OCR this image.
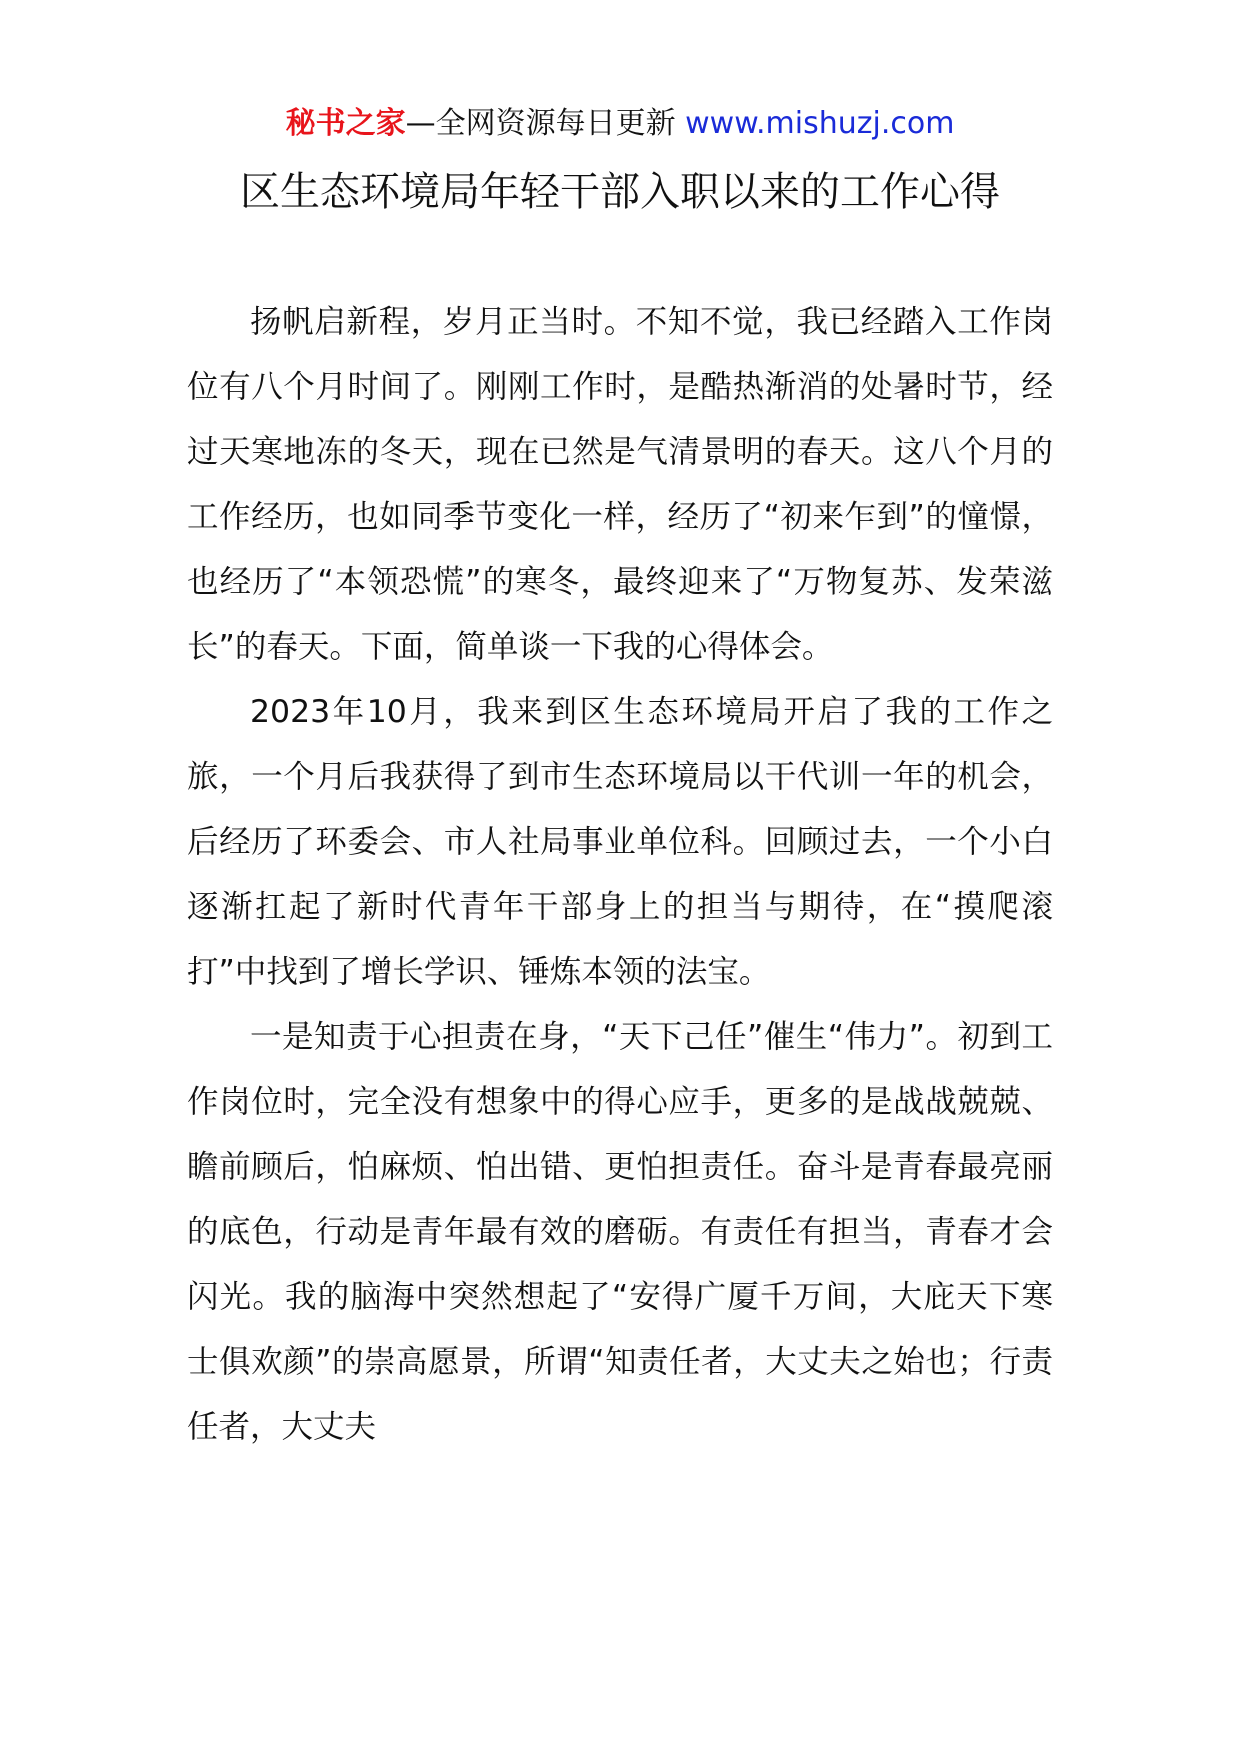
秘书之家—全网资源每日更新 www.mishuzj.com
区生态环境局年轻干部入职以来的工作心得

扬帆启新程，岁月正当时。不知不觉，我已经踏入工作岗位有八个月时间了。刚刚工作时，是酷热渐消的处暑时节，经过天寒地冻的冬天，现在已然是气清景明的春天。这八个月的工作经历，也如同季节变化一样，经历了“初来乍到”的憧憬，也经历了“本领恐慌”的寒冬，最终迎来了“万物复苏、发荣滋长”的春天。下面，简单谈一下我的心得体会。

2023年10月，我来到区生态环境局开启了我的工作之旅，一个月后我获得了到市生态环境局以干代训一年的机会，后经历了环委会、市人社局事业单位科。回顾过去，一个小白逐渐扛起了新时代青年干部身上的担当与期待，在“摸爬滚打”中找到了增长学识、锤炼本领的法宝。

一是知责于心担责在身，“天下己任”催生“伟力”。初到工作岗位时，完全没有想象中的得心应手，更多的是战战兢兢、瞻前顾后，怕麻烦、怕出错、更怕担责任。奋斗是青春最亮丽的底色，行动是青年最有效的磨砺。有责任有担当，青春才会闪光。我的脑海中突然想起了“安得广厦千万间，大庇天下寒士俱欢颜”的崇高愿景，所谓“知责任者，大丈夫之始也；行责任者，大丈夫
